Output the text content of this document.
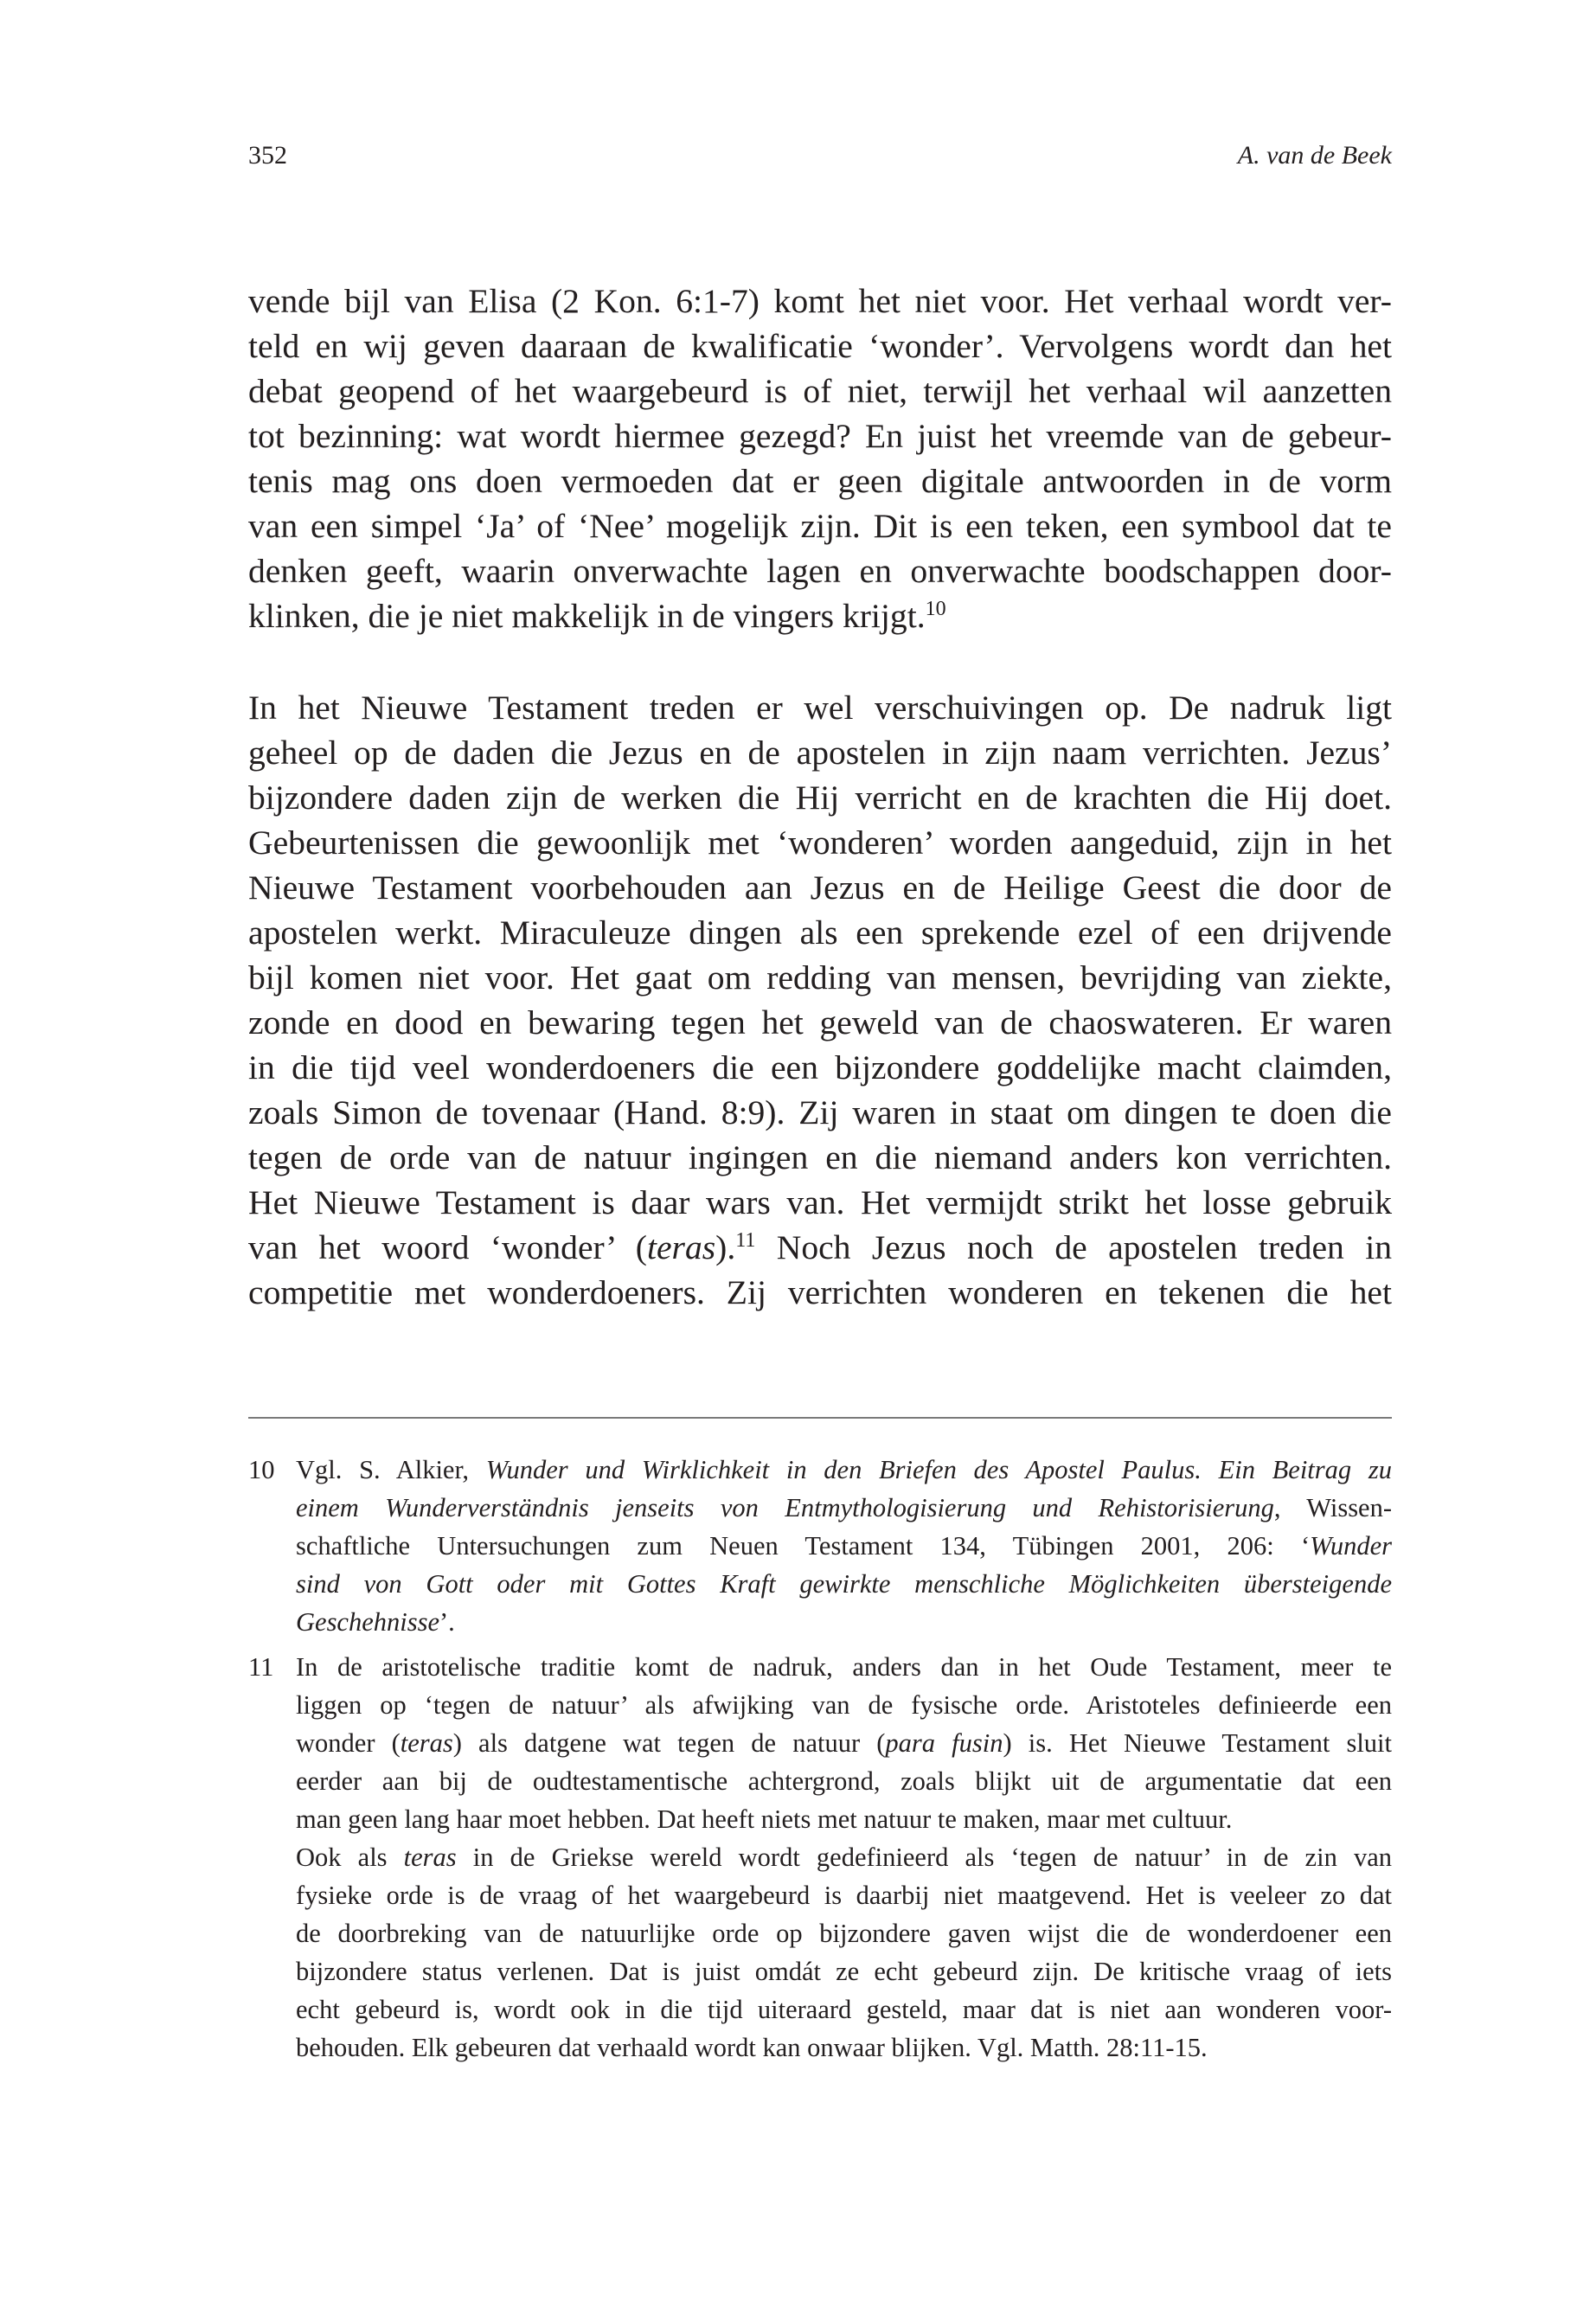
352	A. van de Beek
vende bijl van Elisa (2 Kon. 6:1-7) komt het niet voor. Het verhaal wordt ver-
teld en wij geven daaraan de kwalificatie ‘wonder’. Vervolgens wordt dan het
debat geopend of het waargebeurd is of niet, terwijl het verhaal wil aanzetten
tot bezinning: wat wordt hiermee gezegd? En juist het vreemde van de gebeur-
tenis mag ons doen vermoeden dat er geen digitale antwoorden in de vorm
van een simpel ‘Ja’ of ‘Nee’ mogelijk zijn. Dit is een teken, een symbool dat te
denken geeft, waarin onverwachte lagen en onverwachte boodschappen door-
klinken, die je niet makkelijk in de vingers krijgt.$^{10}$
In het Nieuwe Testament treden er wel verschuivingen op. De nadruk ligt
geheel op de daden die Jezus en de apostelen in zijn naam verrichten. Jezus’
bijzondere daden zijn de werken die Hij verricht en de krachten die Hij doet.
Gebeurtenissen die gewoonlijk met ‘wonderen’ worden aangeduid, zijn in het
Nieuwe Testament voorbehouden aan Jezus en de Heilige Geest die door de
apostelen werkt. Miraculeuze dingen als een sprekende ezel of een drijvende
bijl komen niet voor. Het gaat om redding van mensen, bevrijding van ziekte,
zonde en dood en bewaring tegen het geweld van de chaoswateren. Er waren
in die tijd veel wonderdoeners die een bijzondere goddelijke macht claimden,
zoals Simon de tovenaar (Hand. 8:9). Zij waren in staat om dingen te doen die
tegen de orde van de natuur ingingen en die niemand anders kon verrichten.
Het Nieuwe Testament is daar wars van. Het vermijdt strikt het losse gebruik
van het woord ‘wonder’ (teras).$^{11}$ Noch Jezus noch de apostelen treden in
competitie met wonderdoeners. Zij verrichten wonderen en tekenen die het
10 Vgl. S. Alkier, Wunder und Wirklichkeit in den Briefen des Apostel Paulus. Ein Beitrag zu
einem Wunderverständnis jenseits von Entmythologisierung und Rehistorisierung, Wissen-
schaftliche Untersuchungen zum Neuen Testament 134, Tübingen 2001, 206: ‘Wunder
sind von Gott oder mit Gottes Kraft gewirkte menschliche Möglichkeiten übersteigende
Geschehnisse’.
11 In de aristotelische traditie komt de nadruk, anders dan in het Oude Testament, meer te
liggen op ‘tegen de natuur’ als afwijking van de fysische orde. Aristoteles definieerde een
wonder (teras) als datgene wat tegen de natuur (para fusin) is. Het Nieuwe Testament sluit
eerder aan bij de oudtestamentische achtergrond, zoals blijkt uit de argumentatie dat een
man geen lang haar moet hebben. Dat heeft niets met natuur te maken, maar met cultuur.
Ook als teras in de Griekse wereld wordt gedefinieerd als ‘tegen de natuur’ in de zin van
fysieke orde is de vraag of het waargebeurd is daarbij niet maatgevend. Het is veeleer zo dat
de doorbreking van de natuurlijke orde op bijzondere gaven wijst die de wonderdoener een
bijzondere status verlenen. Dat is juist omdát ze echt gebeurd zijn. De kritische vraag of iets
echt gebeurd is, wordt ook in die tijd uiteraard gesteld, maar dat is niet aan wonderen voor-
behouden. Elk gebeuren dat verhaald wordt kan onwaar blijken. Vgl. Matth. 28:11-15.
